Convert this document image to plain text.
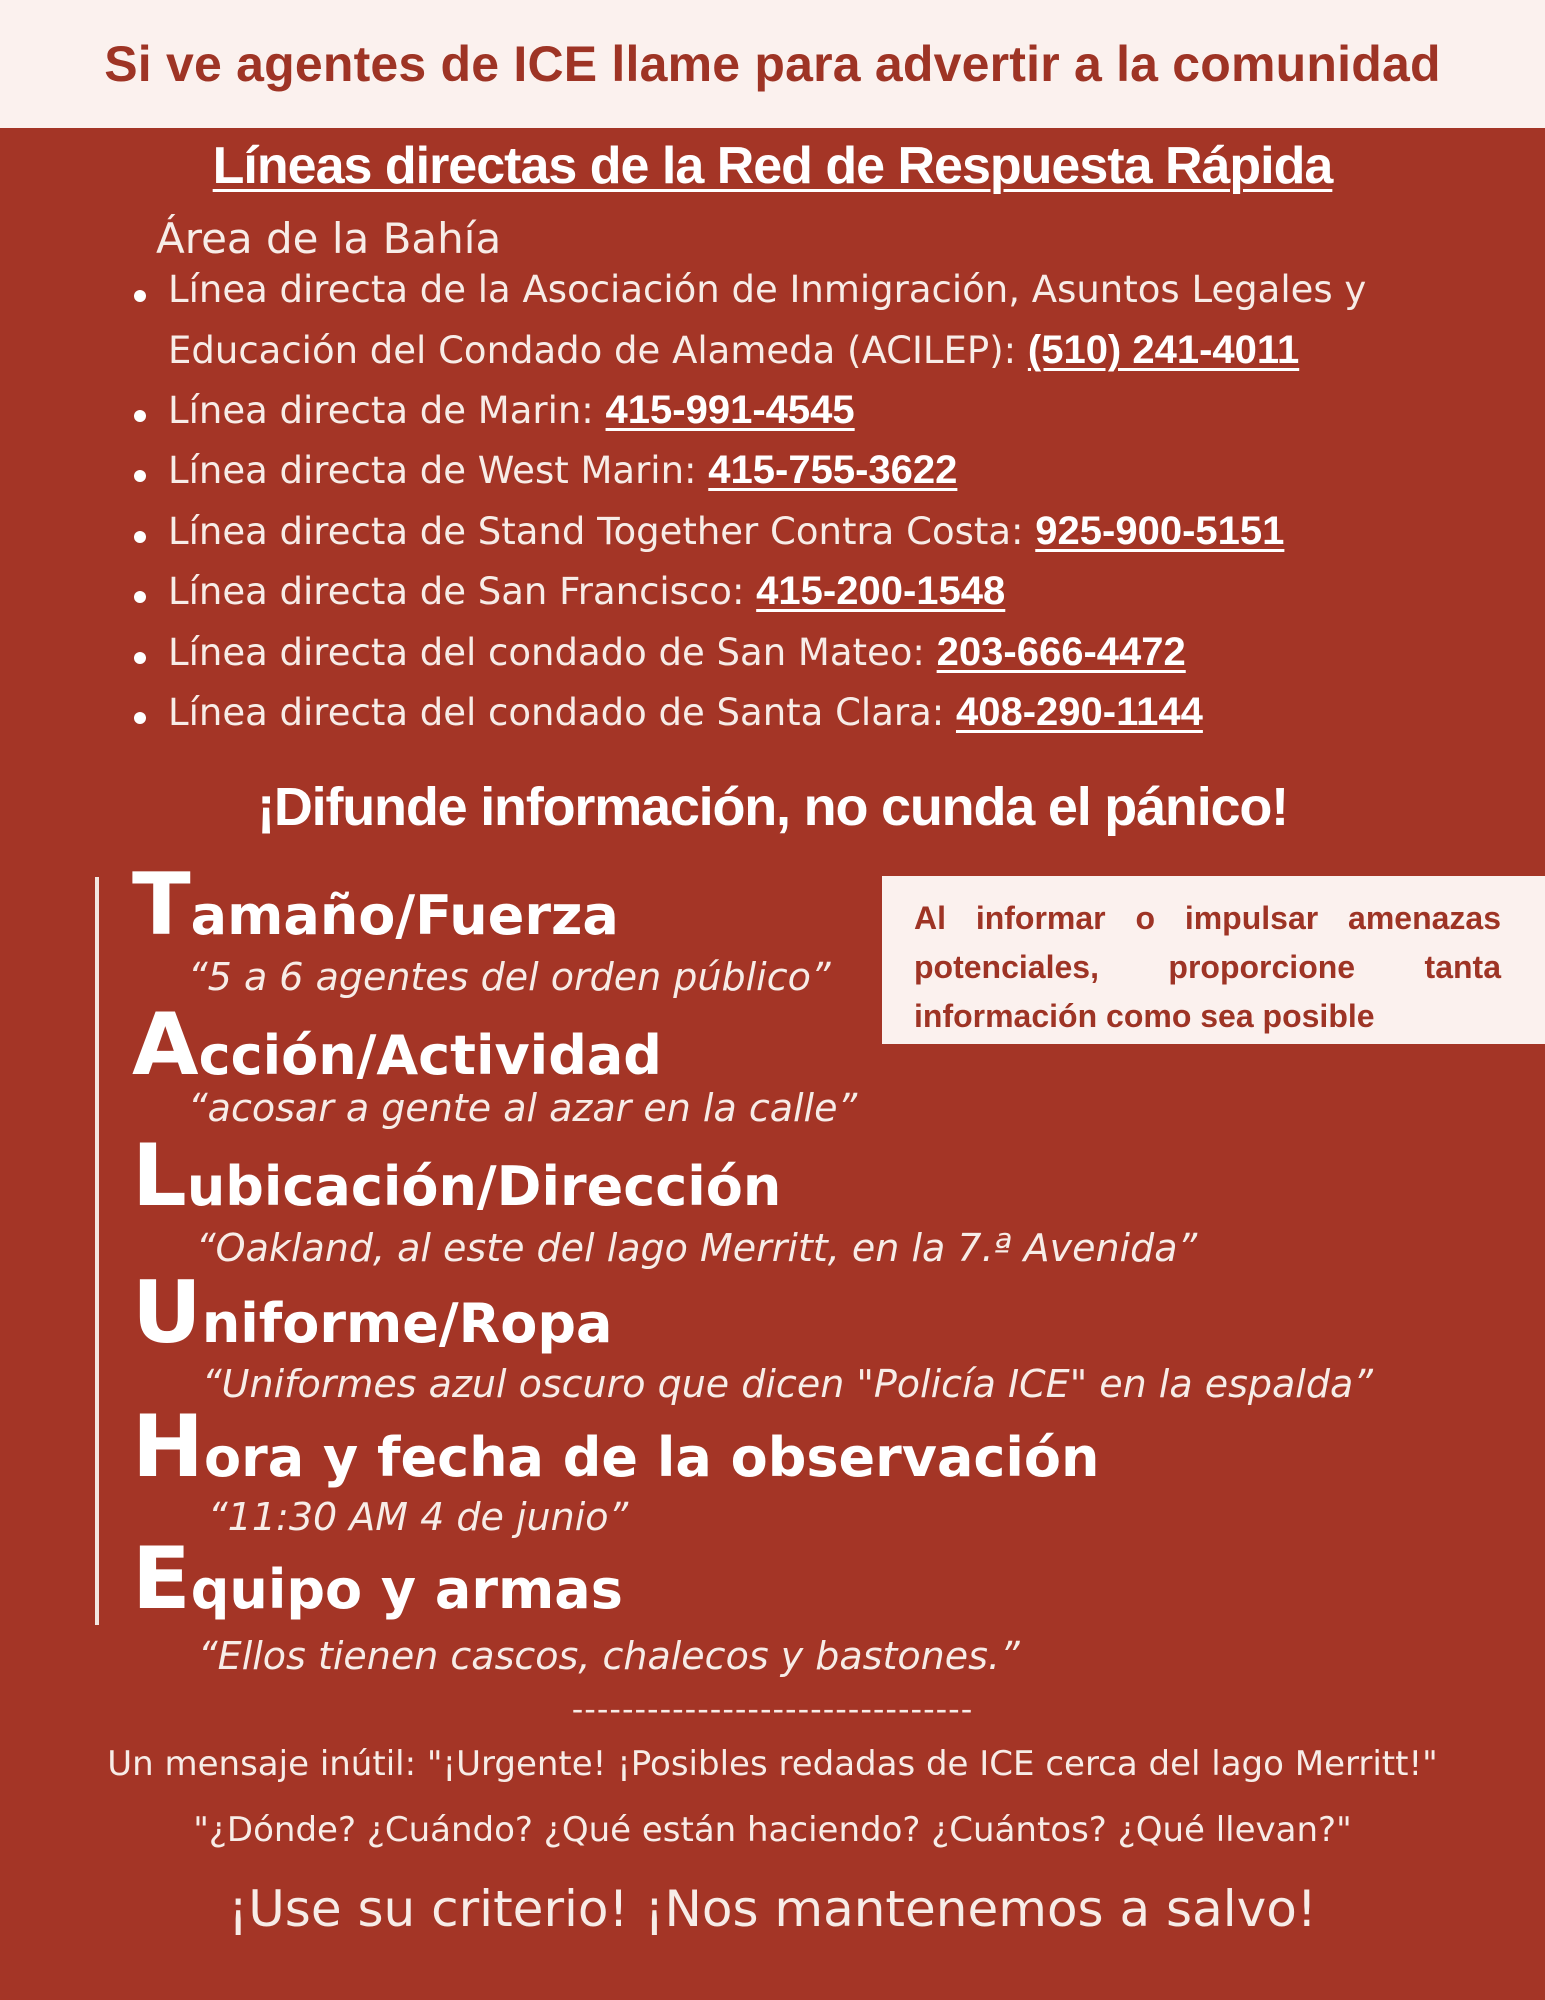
Si ve agentes de ICE llame para advertir a la comunidad
Líneas directas de la Red de Respuesta Rápida
Área de la Bahía
Línea directa de la Asociación de Inmigración, Asuntos Legales y
Educación del Condado de Alameda (ACILEP): (510) 241-4011
Línea directa de Marin: 415-991-4545
Línea directa de West Marin: 415-755-3622
Línea directa de Stand Together Contra Costa: 925-900-5151
Línea directa de San Francisco: 415-200-1548
Línea directa del condado de San Mateo: 203-666-4472
Línea directa del condado de Santa Clara: 408-290-1144
¡Difunde información, no cunda el pánico!

Al informar o impulsar amenazas potenciales, proporcione tanta información como sea posible

Tamaño/Fuerza
“5 a 6 agentes del orden público”
Acción/Actividad
“acosar a gente al azar en la calle”
Lubicación/Dirección
“Oakland, al este del lago Merritt, en la 7.ª Avenida”
Uniforme/Ropa
“Uniformes azul oscuro que dicen "Policía ICE" en la espalda”
Hora y fecha de la observación
“11:30 AM 4 de junio”
Equipo y armas
“Ellos tienen cascos, chalecos y bastones.”
--------------------------------
Un mensaje inútil: "¡Urgente! ¡Posibles redadas de ICE cerca del lago Merritt!"
"¿Dónde? ¿Cuándo? ¿Qué están haciendo? ¿Cuántos? ¿Qué llevan?"
¡Use su criterio! ¡Nos mantenemos a salvo!
